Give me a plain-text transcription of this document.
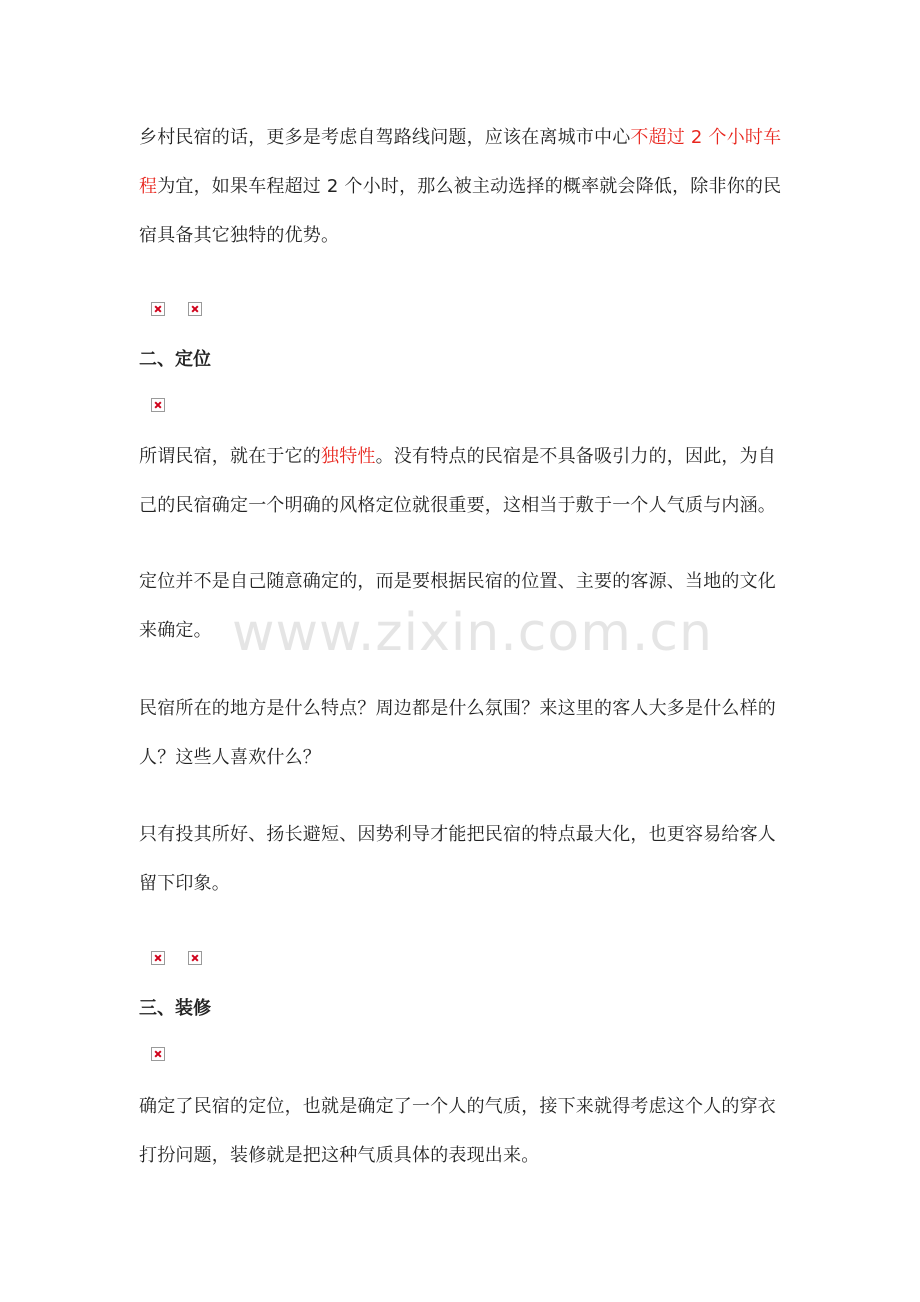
乡村民宿的话，更多是考虑自驾路线问题，应该在离城市中心不超过 2 个小时车程为宜，如果车程超过 2 个小时，那么被主动选择的概率就会降低，除非你的民宿具备其它独特的优势。

二、定位

所谓民宿，就在于它的独特性。没有特点的民宿是不具备吸引力的，因此，为自己的民宿确定一个明确的风格定位就很重要，这相当于敷于一个人气质与内涵。

定位并不是自己随意确定的，而是要根据民宿的位置、主要的客源、当地的文化来确定。

民宿所在的地方是什么特点？周边都是什么氛围？来这里的客人大多是什么样的人？这些人喜欢什么？

只有投其所好、扬长避短、因势利导才能把民宿的特点最大化，也更容易给客人留下印象。

三、装修

确定了民宿的定位，也就是确定了一个人的气质，接下来就得考虑这个人的穿衣打扮问题，装修就是把这种气质具体的表现出来。

www.zixin.com.cn
